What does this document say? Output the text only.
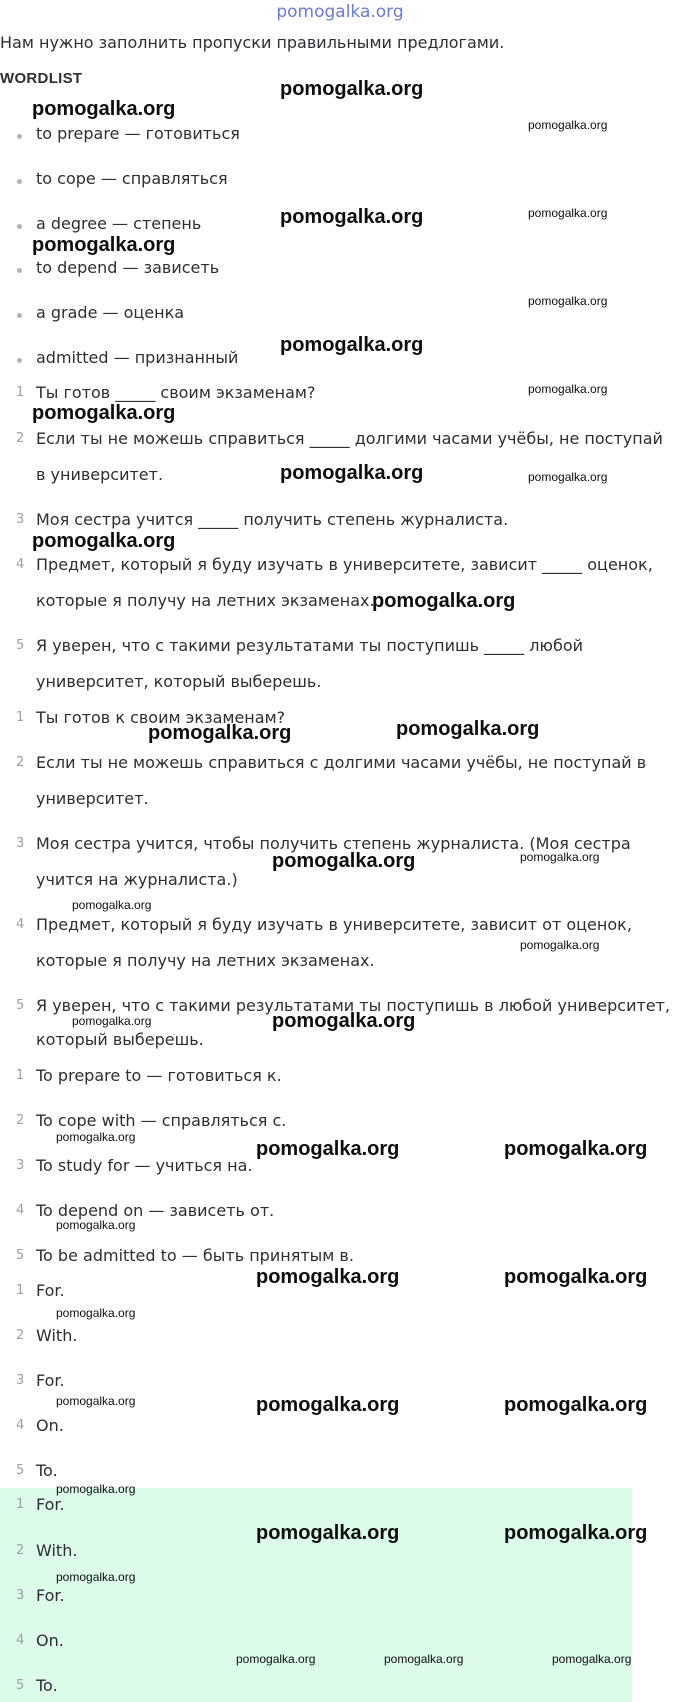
pomogalka.org
Нам нужно заполнить пропуски правильными предлогами.
WORDLIST
to prepare — готовиться
to cope — справляться
a degree — степень
to depend — зависеть
a grade — оценка
admitted — признанный
1 Ты готов _____ своим экзаменам?
2 Если ты не можешь справиться _____ долгими часами учёбы, не поступай
в университет.
3 Моя сестра учится _____ получить степень журналиста.
4 Предмет, который я буду изучать в университете, зависит _____ оценок,
которые я получу на летних экзаменах.
5 Я уверен, что с такими результатами ты поступишь _____ любой
университет, который выберешь.
1 Ты готов к своим экзаменам?
2 Если ты не можешь справиться с долгими часами учёбы, не поступай в
университет.
3 Моя сестра учится, чтобы получить степень журналиста. (Моя сестра
учится на журналиста.)
4 Предмет, который я буду изучать в университете, зависит от оценок,
которые я получу на летних экзаменах.
5 Я уверен, что с такими результатами ты поступишь в любой университет,
который выберешь.
1 To prepare to — готовиться к.
2 To cope with — справляться с.
3 To study for — учиться на.
4 To depend on — зависеть от.
5 To be admitted to — быть принятым в.
1 For.
2 With.
3 For.
4 On.
5 To.
1 For.
2 With.
3 For.
4 On.
5 To.
pomogalka.org
pomogalka.org
pomogalka.org
pomogalka.org	pomogalka.org
pomogalka.org
pomogalka.org
pomogalka.org
pomogalka.org
pomogalka.org
pomogalka.org	pomogalka.org
pomogalka.org
pomogalka.org
pomogalka.org
pomogalka.org
pomogalka.org	pomogalka.org
pomogalka.org
pomogalka.org
pomogalka.org	pomogalka.org
pomogalka.org
pomogalka.org	pomogalka.org
pomogalka.org
pomogalka.org	pomogalka.org
pomogalka.org
pomogalka.org	pomogalka.org	pomogalka.org
pomogalka.org
pomogalka.org	pomogalka.org
pomogalka.org
pomogalka.org	pomogalka.org	pomogalka.org
